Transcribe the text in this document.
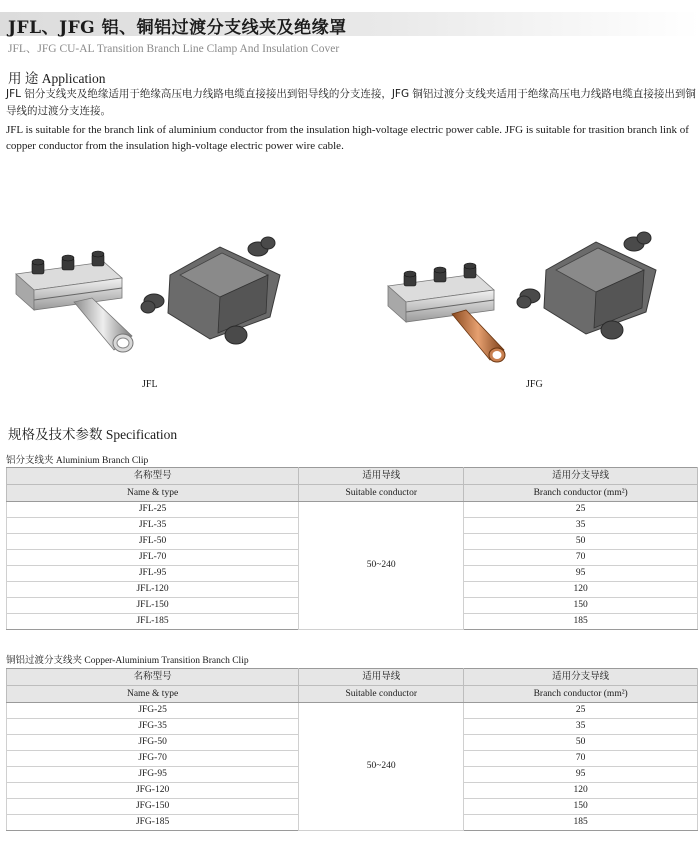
JFL、JFG 铝、铜铝过渡分支线夹及绝缘罩
JFL、JFG CU-AL Transition Branch Line Clamp And Insulation Cover
用 途 Application
JFL 铝分支线夹及绝缘适用于绝缘高压电力线路电缆直接接出到铝导线的分支连接，JFG 铜铝过渡分支线夹适用于绝缘高压电力线路电缆直接接出到铜导线的过渡分支连接。
JFL is suitable for the branch link of aluminium conductor from the insulation high-voltage electric power cable. JFG is suitable for trasition branch link of copper conductor from the insulation high-voltage electric power wire cable.
JFL	JFG
规格及技术参数 Specification
铝分支线夹 Aluminium Branch Clip
名称型号	适用导线	适用分支导线
Name & type	Suitable conductor	Branch conductor (mm²)
JFL-25	50~240	25
JFL-35		35
JFL-50		50
JFL-70		70
JFL-95		95
JFL-120		120
JFL-150		150
JFL-185		185
铜铝过渡分支线夹 Copper-Aluminium Transition Branch Clip
名称型号	适用导线	适用分支导线
Name & type	Suitable conductor	Branch conductor (mm²)
JFG-25	50~240	25
JFG-35		35
JFG-50		50
JFG-70		70
JFG-95		95
JFG-120		120
JFG-150		150
JFG-185		185
